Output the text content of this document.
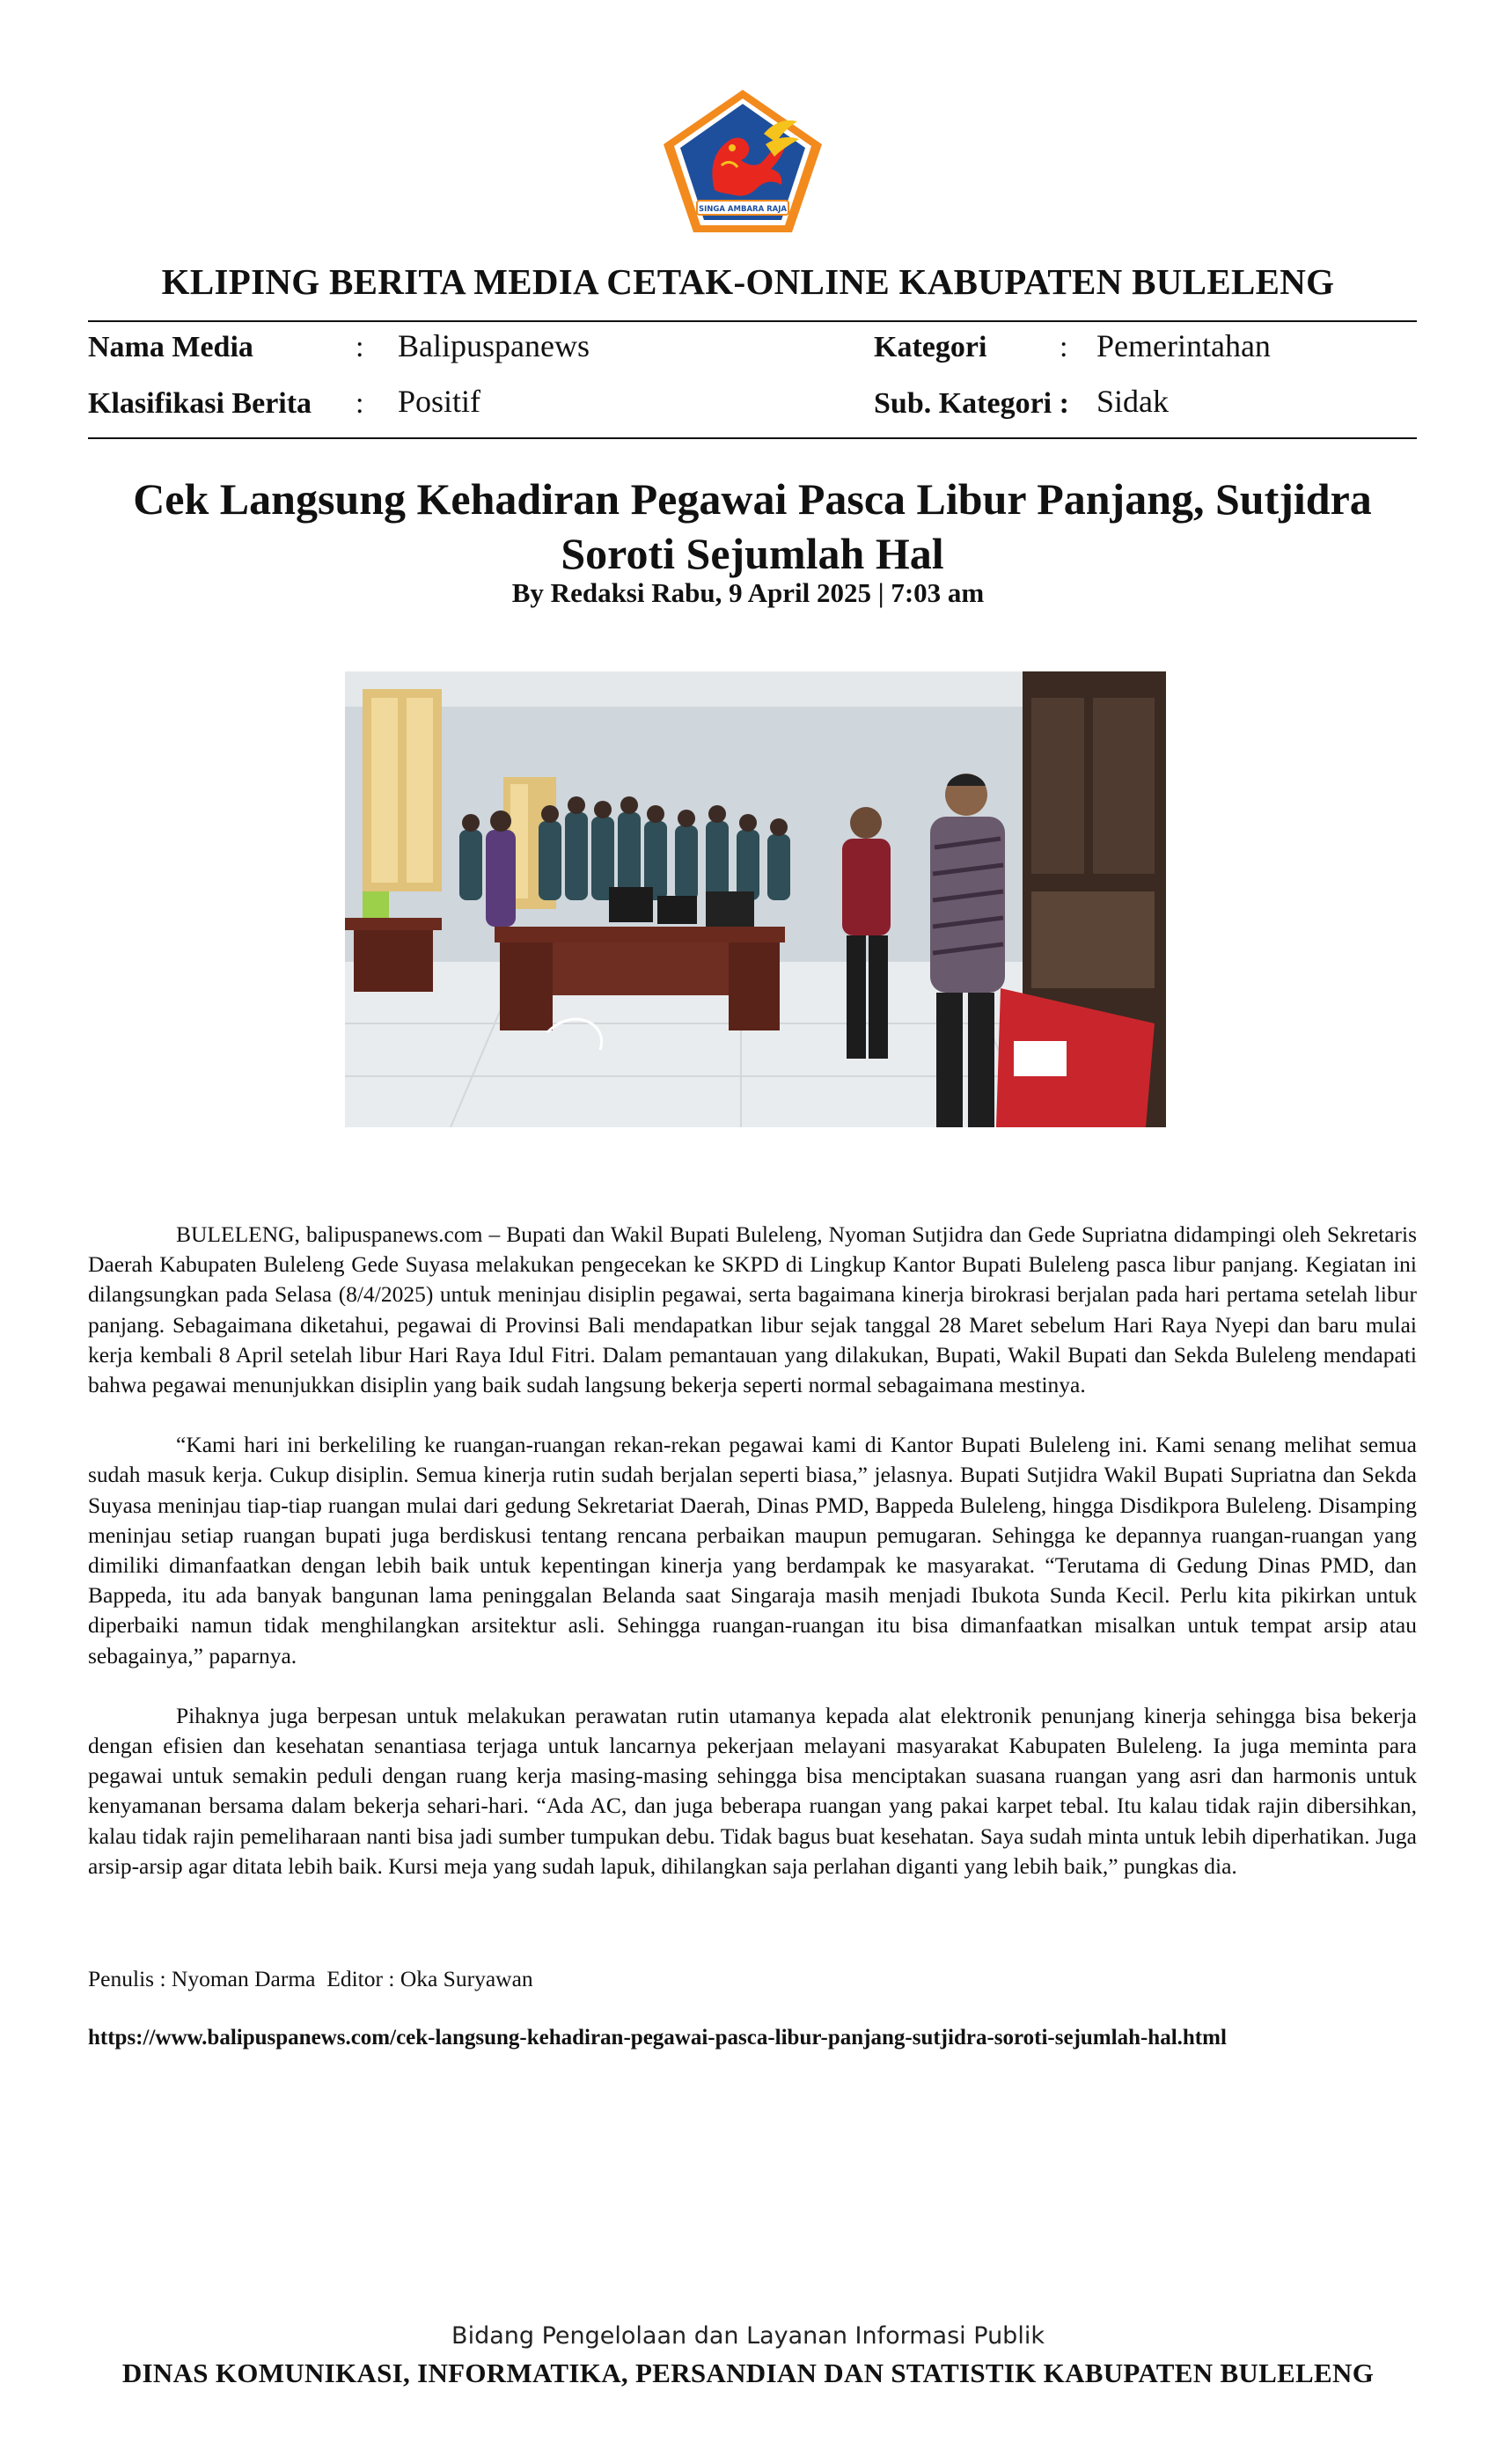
SINGA AMBARA RAJA
KLIPING BERITA MEDIA CETAK-ONLINE KABUPATEN BULELENG
Nama Media	: Balipuspanews	Kategori : Pemerintahan
Klasifikasi Berita : Positif	Sub. Kategori : Sidak
Cek Langsung Kehadiran Pegawai Pasca Libur Panjang, Sutjidra Soroti Sejumlah Hal
By Redaksi Rabu, 9 April 2025 | 7:03 am

BULELENG, balipuspanews.com – Bupati dan Wakil Bupati Buleleng, Nyoman Sutjidra dan Gede Supriatna didampingi oleh Sekretaris Daerah Kabupaten Buleleng Gede Suyasa melakukan pengecekan ke SKPD di Lingkup Kantor Bupati Buleleng pasca libur panjang. Kegiatan ini dilangsungkan pada Selasa (8/4/2025) untuk meninjau disiplin pegawai, serta bagaimana kinerja birokrasi berjalan pada hari pertama setelah libur panjang. Sebagaimana diketahui, pegawai di Provinsi Bali mendapatkan libur sejak tanggal 28 Maret sebelum Hari Raya Nyepi dan baru mulai kerja kembali 8 April setelah libur Hari Raya Idul Fitri. Dalam pemantauan yang dilakukan, Bupati, Wakil Bupati dan Sekda Buleleng mendapati bahwa pegawai menunjukkan disiplin yang baik sudah langsung bekerja seperti normal sebagaimana mestinya.

“Kami hari ini berkeliling ke ruangan-ruangan rekan-rekan pegawai kami di Kantor Bupati Buleleng ini. Kami senang melihat semua sudah masuk kerja. Cukup disiplin. Semua kinerja rutin sudah berjalan seperti biasa,” jelasnya. Bupati Sutjidra Wakil Bupati Supriatna dan Sekda Suyasa meninjau tiap-tiap ruangan mulai dari gedung Sekretariat Daerah, Dinas PMD, Bappeda Buleleng, hingga Disdikpora Buleleng. Disamping meninjau setiap ruangan bupati juga berdiskusi tentang rencana perbaikan maupun pemugaran. Sehingga ke depannya ruangan-ruangan yang dimiliki dimanfaatkan dengan lebih baik untuk kepentingan kinerja yang berdampak ke masyarakat. “Terutama di Gedung Dinas PMD, dan Bappeda, itu ada banyak bangunan lama peninggalan Belanda saat Singaraja masih menjadi Ibukota Sunda Kecil. Perlu kita pikirkan untuk diperbaiki namun tidak menghilangkan arsitektur asli. Sehingga ruangan-ruangan itu bisa dimanfaatkan misalkan untuk tempat arsip atau sebagainya,” paparnya.

Pihaknya juga berpesan untuk melakukan perawatan rutin utamanya kepada alat elektronik penunjang kinerja sehingga bisa bekerja dengan efisien dan kesehatan senantiasa terjaga untuk lancarnya pekerjaan melayani masyarakat Kabupaten Buleleng. Ia juga meminta para pegawai untuk semakin peduli dengan ruang kerja masing-masing sehingga bisa menciptakan suasana ruangan yang asri dan harmonis untuk kenyamanan bersama dalam bekerja sehari-hari. “Ada AC, dan juga beberapa ruangan yang pakai karpet tebal. Itu kalau tidak rajin dibersihkan, kalau tidak rajin pemeliharaan nanti bisa jadi sumber tumpukan debu. Tidak bagus buat kesehatan. Saya sudah minta untuk lebih diperhatikan. Juga arsip-arsip agar ditata lebih baik. Kursi meja yang sudah lapuk, dihilangkan saja perlahan diganti yang lebih baik,” pungkas dia.

Penulis : Nyoman Darma  Editor : Oka Suryawan
https://www.balipuspanews.com/cek-langsung-kehadiran-pegawai-pasca-libur-panjang-sutjidra-soroti-sejumlah-hal.html
Bidang Pengelolaan dan Layanan Informasi Publik
DINAS KOMUNIKASI, INFORMATIKA, PERSANDIAN DAN STATISTIK KABUPATEN BULELENG
